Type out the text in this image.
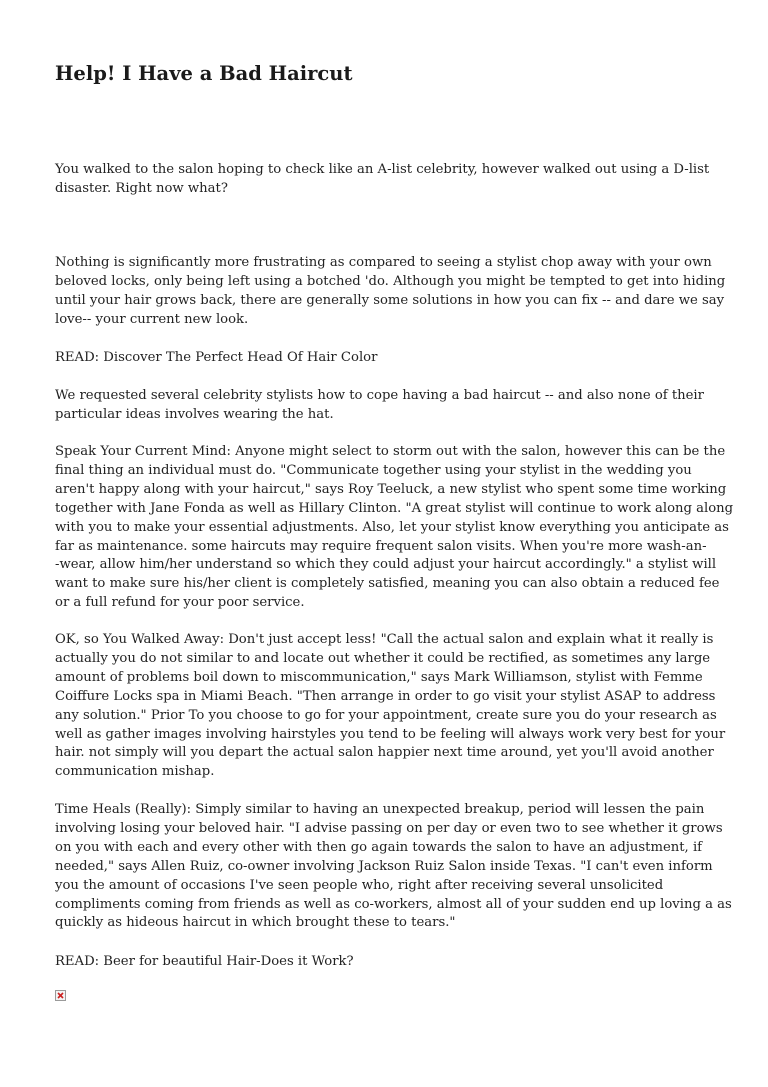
Help! I Have a Bad Haircut

You walked to the salon hoping to check like an A-list celebrity, however walked out using a D-list
disaster. Right now what?

Nothing is significantly more frustrating as compared to seeing a stylist chop away with your own
beloved locks, only being left using a botched 'do. Although you might be tempted to get into hiding
until your hair grows back, there are generally some solutions in how you can fix -- and dare we say
love-- your current new look.

READ: Discover The Perfect Head Of Hair Color

We requested several celebrity stylists how to cope having a bad haircut -- and also none of their
particular ideas involves wearing the hat.

Speak Your Current Mind: Anyone might select to storm out with the salon, however this can be the
final thing an individual must do. "Communicate together using your stylist in the wedding you
aren't happy along with your haircut," says Roy Teeluck, a new stylist who spent some time working
together with Jane Fonda as well as Hillary Clinton. "A great stylist will continue to work along along
with you to make your essential adjustments. Also, let your stylist know everything you anticipate as
far as maintenance. some haircuts may require frequent salon visits. When you're more wash-an-
-wear, allow him/her understand so which they could adjust your haircut accordingly." a stylist will
want to make sure his/her client is completely satisfied, meaning you can also obtain a reduced fee
or a full refund for your poor service.

OK, so You Walked Away: Don't just accept less! "Call the actual salon and explain what it really is
actually you do not similar to and locate out whether it could be rectified, as sometimes any large
amount of problems boil down to miscommunication," says Mark Williamson, stylist with Femme
Coiffure Locks spa in Miami Beach. "Then arrange in order to go visit your stylist ASAP to address
any solution." Prior To you choose to go for your appointment, create sure you do your research as
well as gather images involving hairstyles you tend to be feeling will always work very best for your
hair. not simply will you depart the actual salon happier next time around, yet you'll avoid another
communication mishap.

Time Heals (Really): Simply similar to having an unexpected breakup, period will lessen the pain
involving losing your beloved hair. "I advise passing on per day or even two to see whether it grows
on you with each and every other with then go again towards the salon to have an adjustment, if
needed," says Allen Ruiz, co-owner involving Jackson Ruiz Salon inside Texas. "I can't even inform
you the amount of occasions I've seen people who, right after receiving several unsolicited
compliments coming from friends as well as co-workers, almost all of your sudden end up loving a as
quickly as hideous haircut in which brought these to tears."

READ: Beer for beautiful Hair-Does it Work?
